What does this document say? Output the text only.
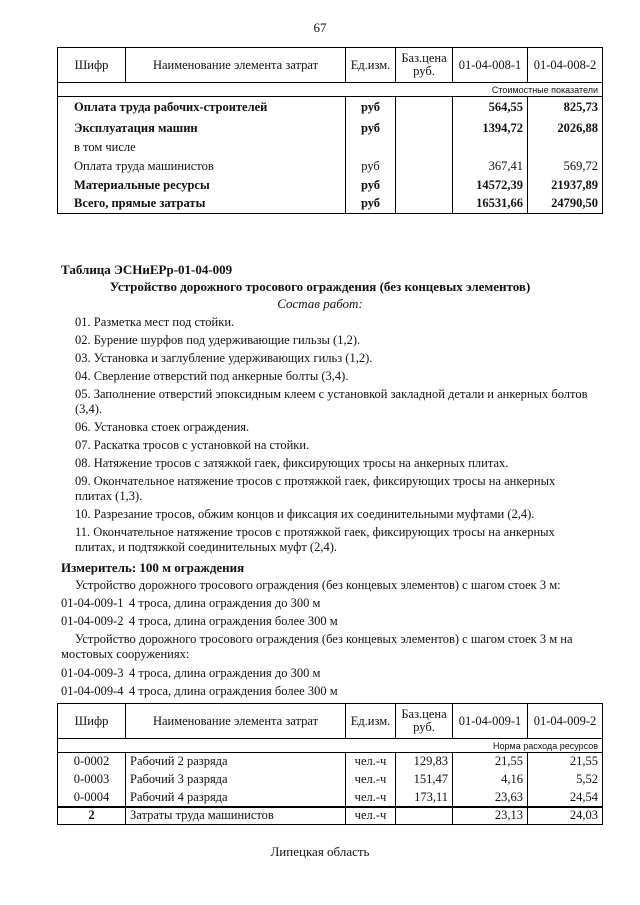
67
Шифр	Наименование элемента затрат	Ед.изм.	Баз.цена руб.	01-04-008-1	01-04-008-2
Стоимостные показатели					
Оплата труда рабочих-строителей		руб		564,55	825,73
Эксплуатация машин		руб		1394,72	2026,88
в том числе					
Оплата труда машинистов		руб		367,41	569,72
Материальные ресурсы		руб		14572,39	21937,89
Всего, прямые затраты		руб		16531,66	24790,50
Таблица ЭСНиЕРр-01-04-009
Устройство дорожного тросового ограждения (без концевых элементов)
Состав работ:
01. Разметка мест под стойки.
02. Бурение шурфов под удерживающие гильзы (1,2).
03. Установка и заглубление удерживающих гильз (1,2).
04. Сверление отверстий под анкерные болты (3,4).
05. Заполнение отверстий эпоксидным клеем с установкой закладной детали и анкерных болтов (3,4).
06. Установка стоек ограждения.
07. Раскатка тросов с установкой на стойки.
08. Натяжение тросов с затяжкой гаек, фиксирующих тросы на анкерных плитах.
09. Окончательное натяжение тросов с протяжкой гаек, фиксирующих тросы на анкерных плитах (1,3).
10. Разрезание тросов, обжим концов и фиксация их соединительными муфтами (2,4).
11. Окончательное натяжение тросов с протяжкой гаек, фиксирующих тросы на анкерных плитах, и подтяжкой соединительных муфт (2,4).
Измеритель: 100 м ограждения
Устройство дорожного тросового ограждения (без концевых элементов) с шагом стоек 3 м:
01-04-009-1 4 троса, длина ограждения до 300 м
01-04-009-2 4 троса, длина ограждения более 300 м
Устройство дорожного тросового ограждения (без концевых элементов) с шагом стоек 3 м на мостовых сооружениях:
01-04-009-3 4 троса, длина ограждения до 300 м
01-04-009-4 4 троса, длина ограждения более 300 м
Шифр	Наименование элемента затрат	Ед.изм.	Баз.цена руб.	01-04-009-1	01-04-009-2
Норма расхода ресурсов					
0-0002	Рабочий 2 разряда	чел.-ч	129,83	21,55	21,55
0-0003	Рабочий 3 разряда	чел.-ч	151,47	4,16	5,52
0-0004	Рабочий 4 разряда	чел.-ч	173,11	23,63	24,54
2	Затраты труда машинистов	чел.-ч		23,13	24,03
Липецкая область
